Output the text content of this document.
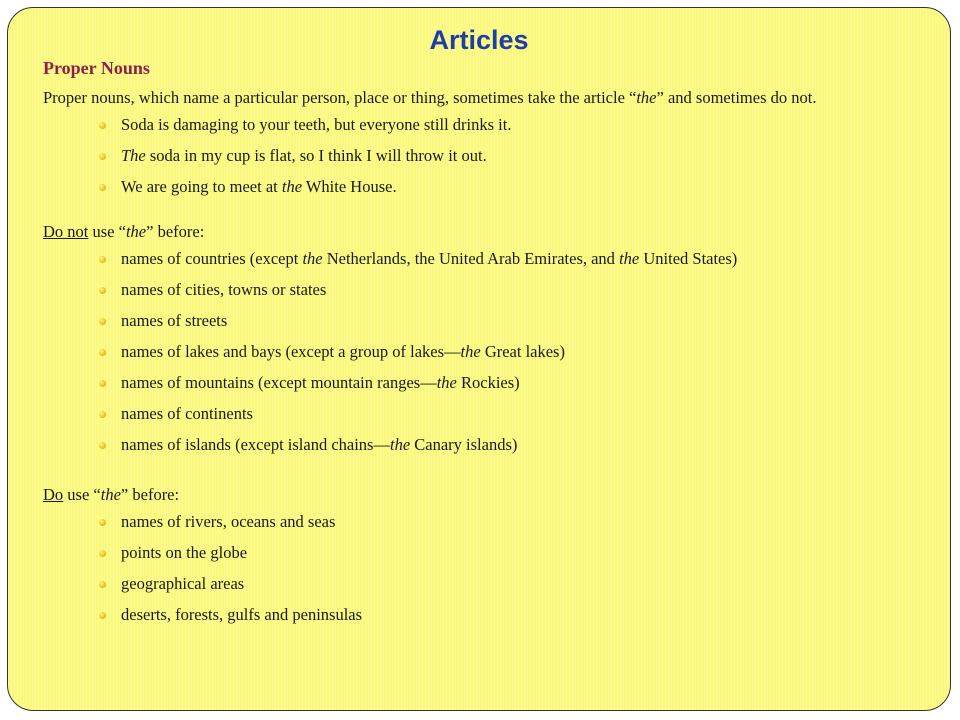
Articles

Proper Nouns

Proper nouns, which name a particular person, place or thing, sometimes take the article “the” and sometimes do not.

Soda is damaging to your teeth, but everyone still drinks it.
The soda in my cup is flat, so I think I will throw it out.
We are going to meet at the White House.

Do not use “the” before:

names of countries (except the Netherlands, the United Arab Emirates, and the United States)
names of cities, towns or states
names of streets
names of lakes and bays (except a group of lakes—the Great lakes)
names of mountains (except mountain ranges—the Rockies)
names of continents
names of islands (except island chains—the Canary islands)

Do use “the” before:

names of rivers, oceans and seas
points on the globe
geographical areas
deserts, forests, gulfs and peninsulas
